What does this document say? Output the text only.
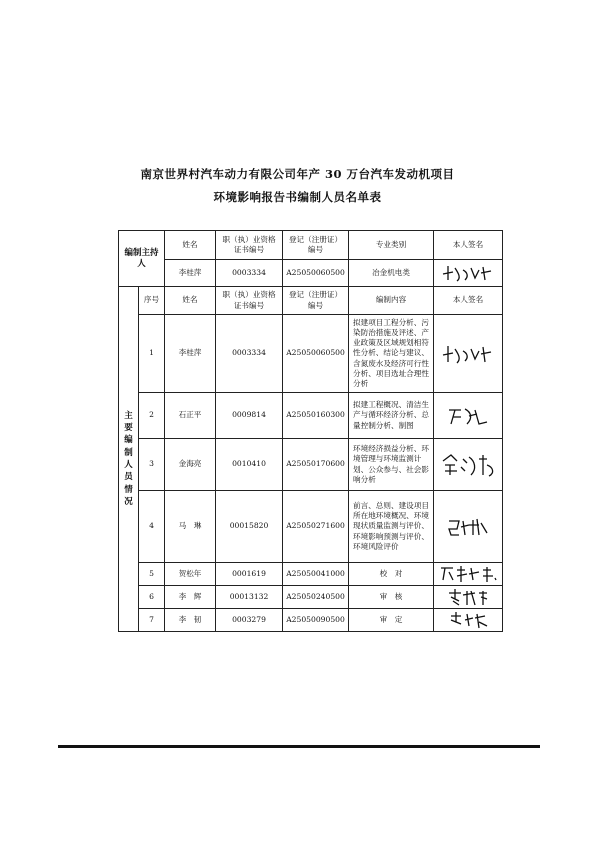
南京世界村汽车动力有限公司年产 30 万台汽车发动机项目
环境影响报告书编制人员名单表
编制主持人		姓名	职（执）业资格证书编号	登记（注册证）编号	专业类别	本人签名
		李桂萍	0003334	A25050060500	冶金机电类	

主要编制人员情况	序号	姓名	职（执）业资格证书编号	登记（注册证）编号	编制内容	本人签名
	1	李桂萍	0003334	A25050060500	拟建项目工程分析、污染防治措施及评述、产业政策及区域规划相符性分析、结论与建议、含氮废水及经济可行性分析、项目选址合理性分析	

	2	石正平	0009814	A25050160300	拟建工程概况、清洁生产与循环经济分析、总量控制分析、制图	

	3	金海亮	0010410	A25050170600	环境经济损益分析、环境管理与环境监测计划、公众参与、社会影响分析	

	4	马　琳	00015820	A25050271600	前言、总则、建设项目所在地环境概况、环境现状质量监测与评价、环境影响预测与评价、环境风险评价	

	5	贺松年	0001619	A25050041000	校　对	

	6	李　辉	00013132	A25050240500	审　核	

	7	李　韧	0003279	A25050090500	审　定	
